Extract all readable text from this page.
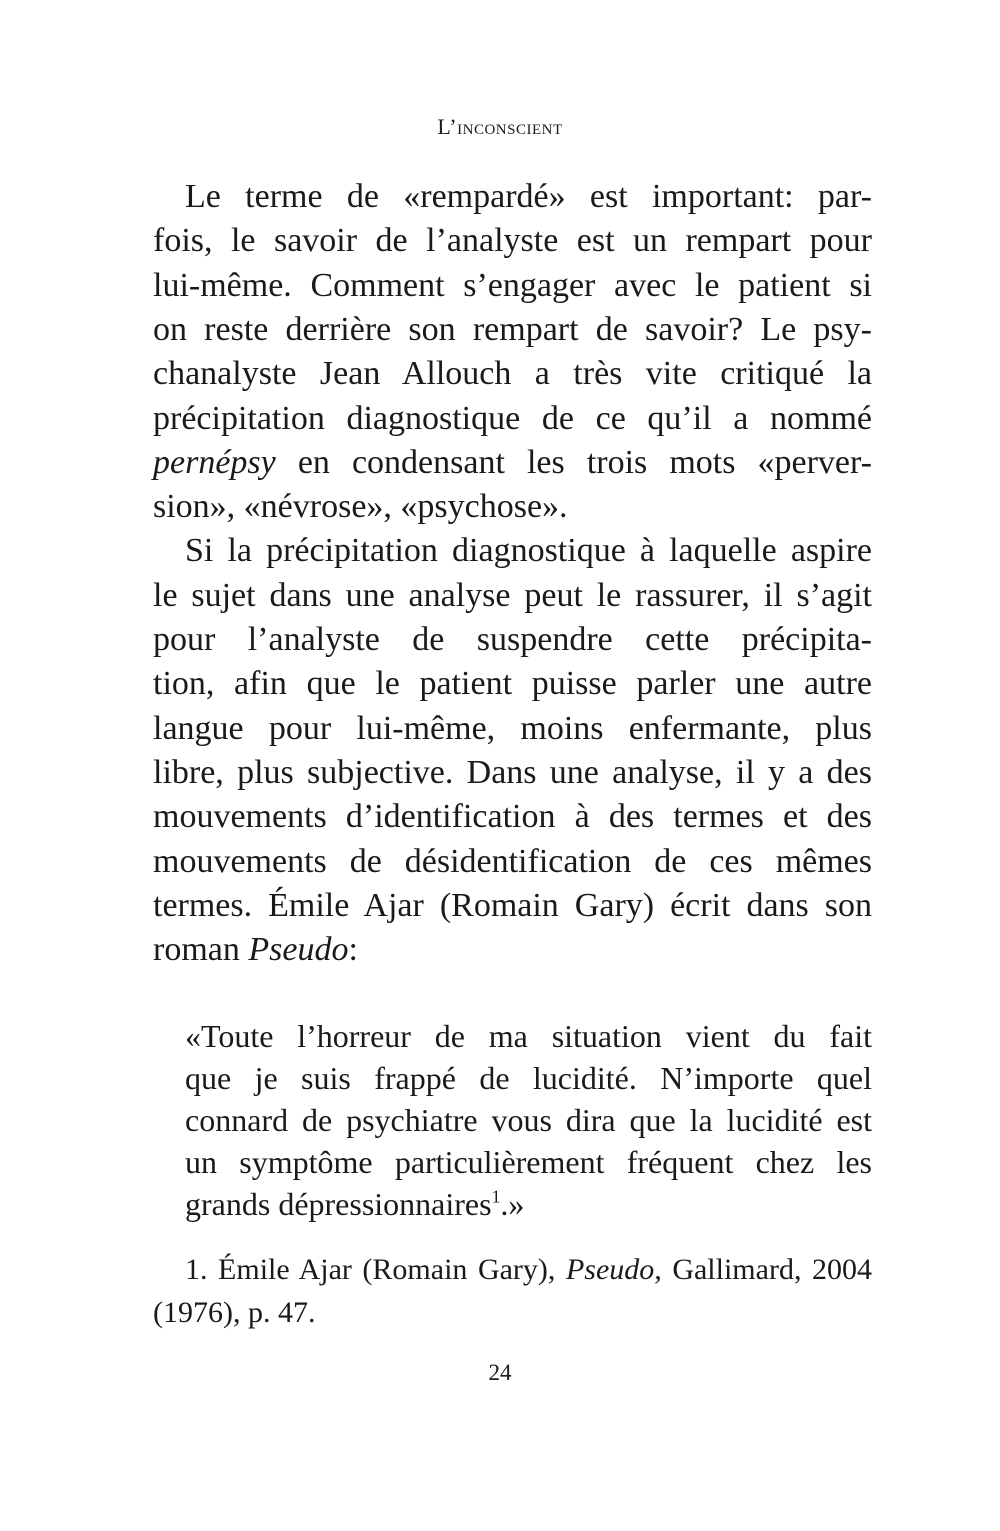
L’inconscient
Le terme de «rempardé» est important: par-
fois, le savoir de l’analyste est un rempart pour
lui-même. Comment s’engager avec le patient si
on reste derrière son rempart de savoir? Le psy-
chanalyste Jean Allouch a très vite critiqué la
précipitation diagnostique de ce qu’il a nommé
pernépsy en condensant les trois mots «perver-
sion», «névrose», «psychose».
Si la précipitation diagnostique à laquelle aspire
le sujet dans une analyse peut le rassurer, il s’agit
pour l’analyste de suspendre cette précipita-
tion, afin que le patient puisse parler une autre
langue pour lui-même, moins enfermante, plus
libre, plus subjective. Dans une analyse, il y a des
mouvements d’identification à des termes et des
mouvements de désidentification de ces mêmes
termes. Émile Ajar (Romain Gary) écrit dans son
roman Pseudo:
«Toute l’horreur de ma situation vient du fait
que je suis frappé de lucidité. N’importe quel
connard de psychiatre vous dira que la lucidité est
un symptôme particulièrement fréquent chez les
grands dépressionnaires$^1$.»
1. Émile Ajar (Romain Gary), Pseudo, Gallimard, 2004
(1976), p. 47.
24
